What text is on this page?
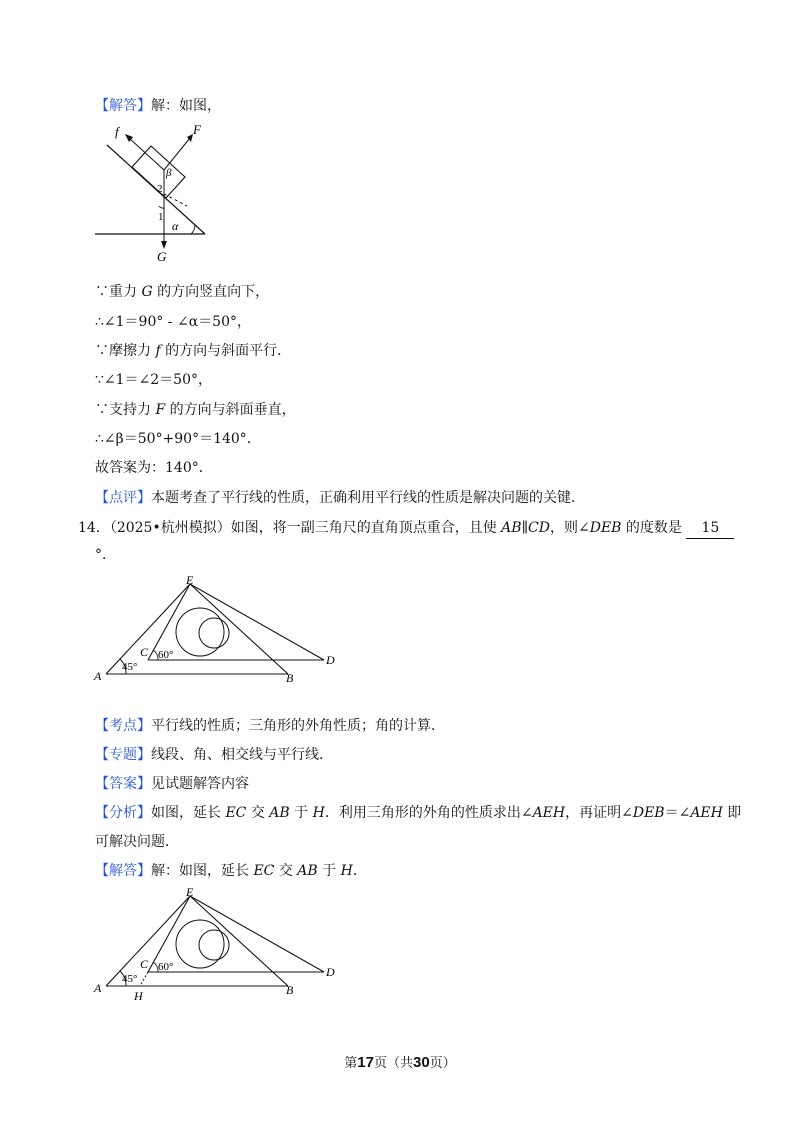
【解答】解：如图，
f	F
β
2
1
α
G
∵重力 G 的方向竖直向下，
∴∠1＝90° - ∠α＝50°，
∵摩擦力 f 的方向与斜面平行．
∵∠1＝∠2＝50°，
∵支持力 F 的方向与斜面垂直，
∴∠β＝50°+90°＝140°．
故答案为：140°．
【点评】本题考查了平行线的性质，正确利用平行线的性质是解决问题的关键．
14．（2025•杭州模拟）如图，将一副三角尺的直角顶点重合，且使 AB∥CD，则∠DEB 的度数是 15
°．
E
A	B
C
D
45°
60°
【考点】平行线的性质；三角形的外角性质；角的计算．
【专题】线段、角、相交线与平行线．
【答案】见试题解答内容
【分析】如图，延长 EC 交 AB 于 H．利用三角形的外角的性质求出∠AEH，再证明∠DEB＝∠AEH 即
可解决问题．
【解答】解：如图，延长 EC 交 AB 于 H．
E
A	B
C
D
45°
60°
H
第17页（共30页）
